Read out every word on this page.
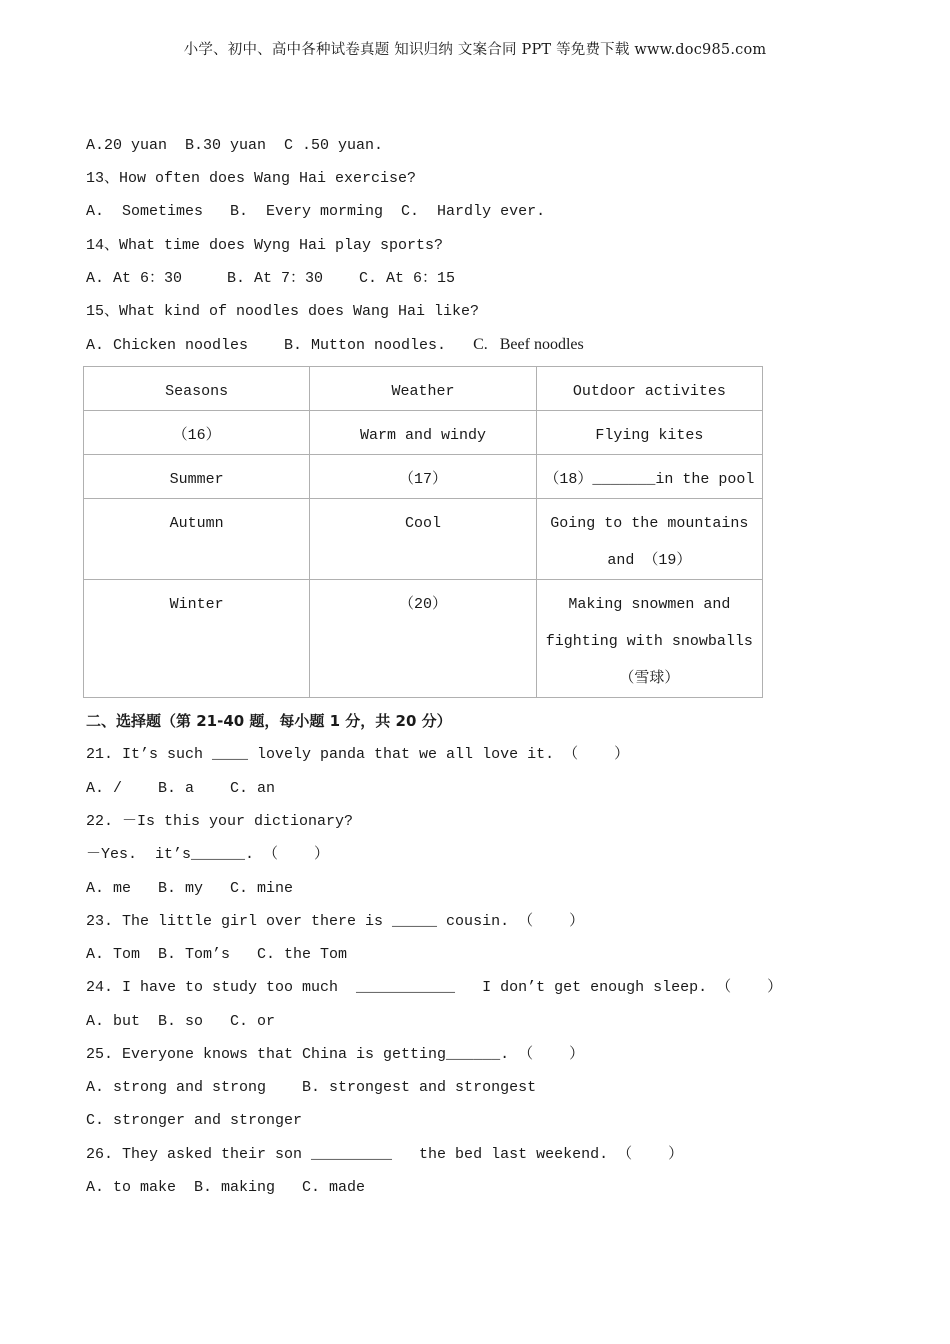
小学、初中、高中各种试卷真题 知识归纳 文案合同 PPT 等免费下载 www.doc985.com
A.20 yuan  B.30 yuan  C .50 yuan.
13、How often does Wang Hai exercise?
A.  Sometimes   B.  Every morming  C.  Hardly ever.
14、What time does Wyng Hai play sports?
A. At 6：30     B. At 7：30    C. At 6：15
15、What kind of noodles does Wang Hai like?
A. Chicken noodles    B. Mutton noodles.   C.   Beef noodles
Seasons	Weather	Outdoor activites
（16）	Warm and windy	Flying kites

Summer	（17）	（18）_______in the pool

Autumn	Cool	Going to the mountains
and （19）

Winter	（20）	Making snowmen and
fighting with snowballs
（雪球）
二、选择题（第 21-40 题，每小题 1 分，共 20 分）
21. It’s such ____ lovely panda that we all love it. （    ）
A. /    B. a    C. an
22. －Is this your dictionary?
－Yes.  it’s______. （    ）
A. me   B. my   C. mine
23. The little girl over there is _____ cousin. （    ）
A. Tom  B. Tom’s   C. the Tom
24. I have to study too much  ___________   I don’t get enough sleep. （    ）
A. but  B. so   C. or
25. Everyone knows that China is getting______. （    ）
A. strong and strong    B. strongest and strongest
C. stronger and stronger
26. They asked their son _________   the bed last weekend. （    ）
A. to make  B. making   C. made
